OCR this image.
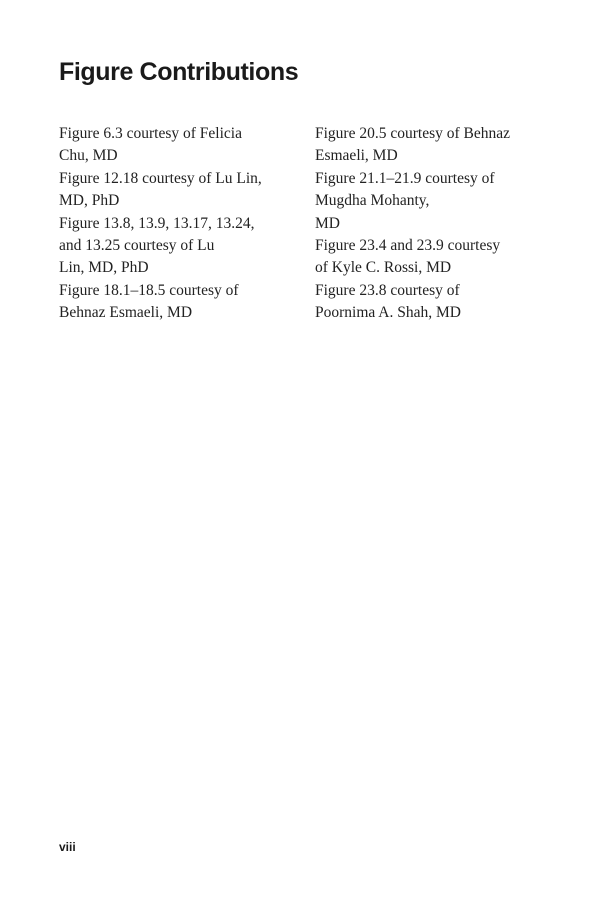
Figure Contributions

Figure 6.3 courtesy of Felicia
Chu, MD

Figure 12.18 courtesy of Lu Lin,
MD, PhD

Figure 13.8, 13.9, 13.17, 13.24,
and 13.25 courtesy of Lu
Lin, MD, PhD

Figure 18.1–18.5 courtesy of
Behnaz Esmaeli, MD

Figure 20.5 courtesy of Behnaz
Esmaeli, MD

Figure 21.1–21.9 courtesy of
Mugdha Mohanty,
MD

Figure 23.4 and 23.9 courtesy
of Kyle C. Rossi, MD

Figure 23.8 courtesy of
Poornima A. Shah, MD

viii
